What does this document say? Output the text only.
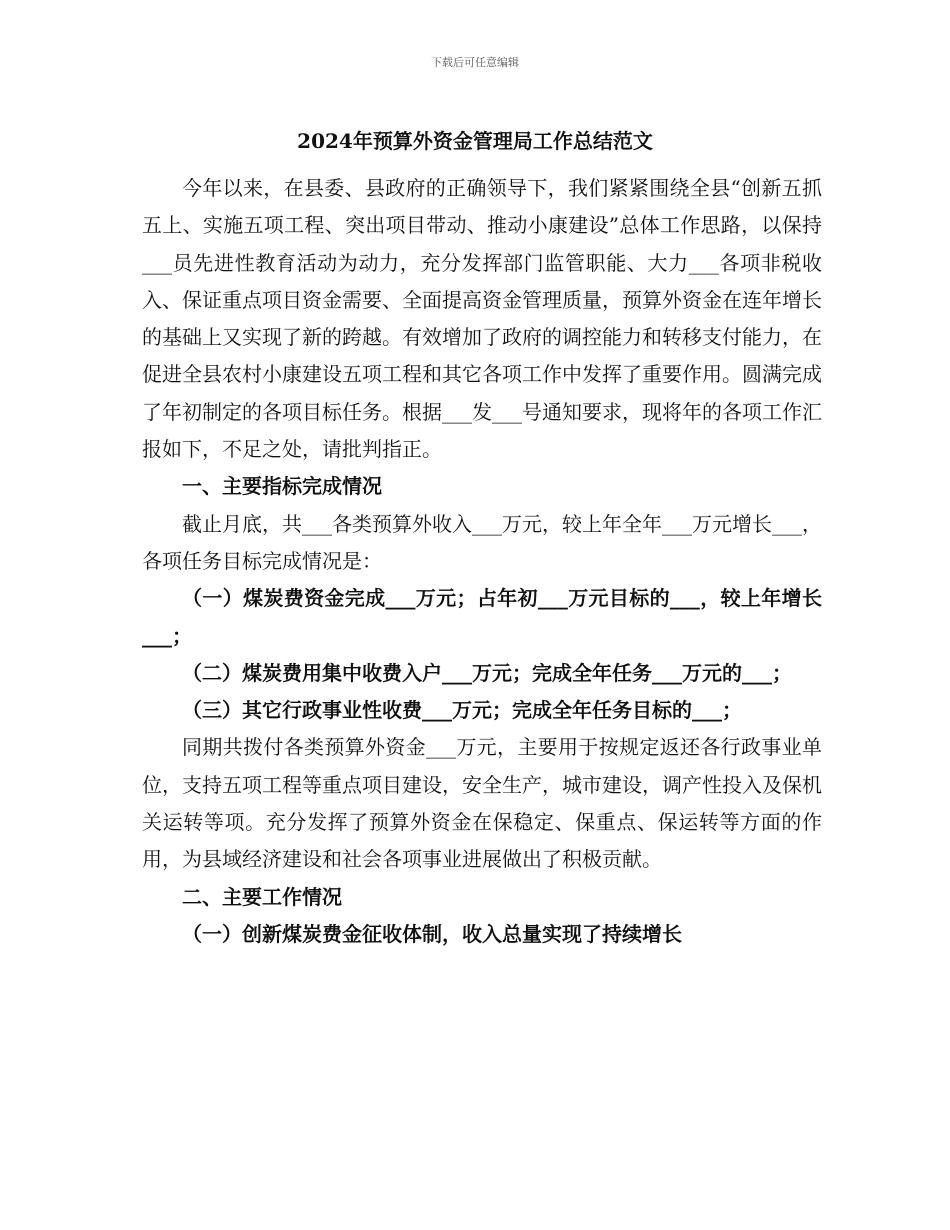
下载后可任意编辑
2024年预算外资金管理局工作总结范文

今年以来，在县委、县政府的正确领导下，我们紧紧围绕全县“创新五抓五上、实施五项工程、突出项目带动、推动小康建设”总体工作思路，以保持___员先进性教育活动为动力，充分发挥部门监管职能、大力___各项非税收入、保证重点项目资金需要、全面提高资金管理质量，预算外资金在连年增长的基础上又实现了新的跨越。有效增加了政府的调控能力和转移支付能力，在促进全县农村小康建设五项工程和其它各项工作中发挥了重要作用。圆满完成了年初制定的各项目标任务。根据___发___号通知要求，现将年的各项工作汇报如下，不足之处，请批判指正。

一、主要指标完成情况

截止月底，共___各类预算外收入___万元，较上年全年___万元增长___，各项任务目标完成情况是：

（一）煤炭费资金完成___万元；占年初___万元目标的___，较上年增长___；

（二）煤炭费用集中收费入户___万元；完成全年任务___万元的___；

（三）其它行政事业性收费___万元；完成全年任务目标的___；

同期共拨付各类预算外资金___万元，主要用于按规定返还各行政事业单位，支持五项工程等重点项目建设，安全生产，城市建设，调产性投入及保机关运转等项。充分发挥了预算外资金在保稳定、保重点、保运转等方面的作用，为县域经济建设和社会各项事业进展做出了积极贡献。

二、主要工作情况

（一）创新煤炭费金征收体制，收入总量实现了持续增长
